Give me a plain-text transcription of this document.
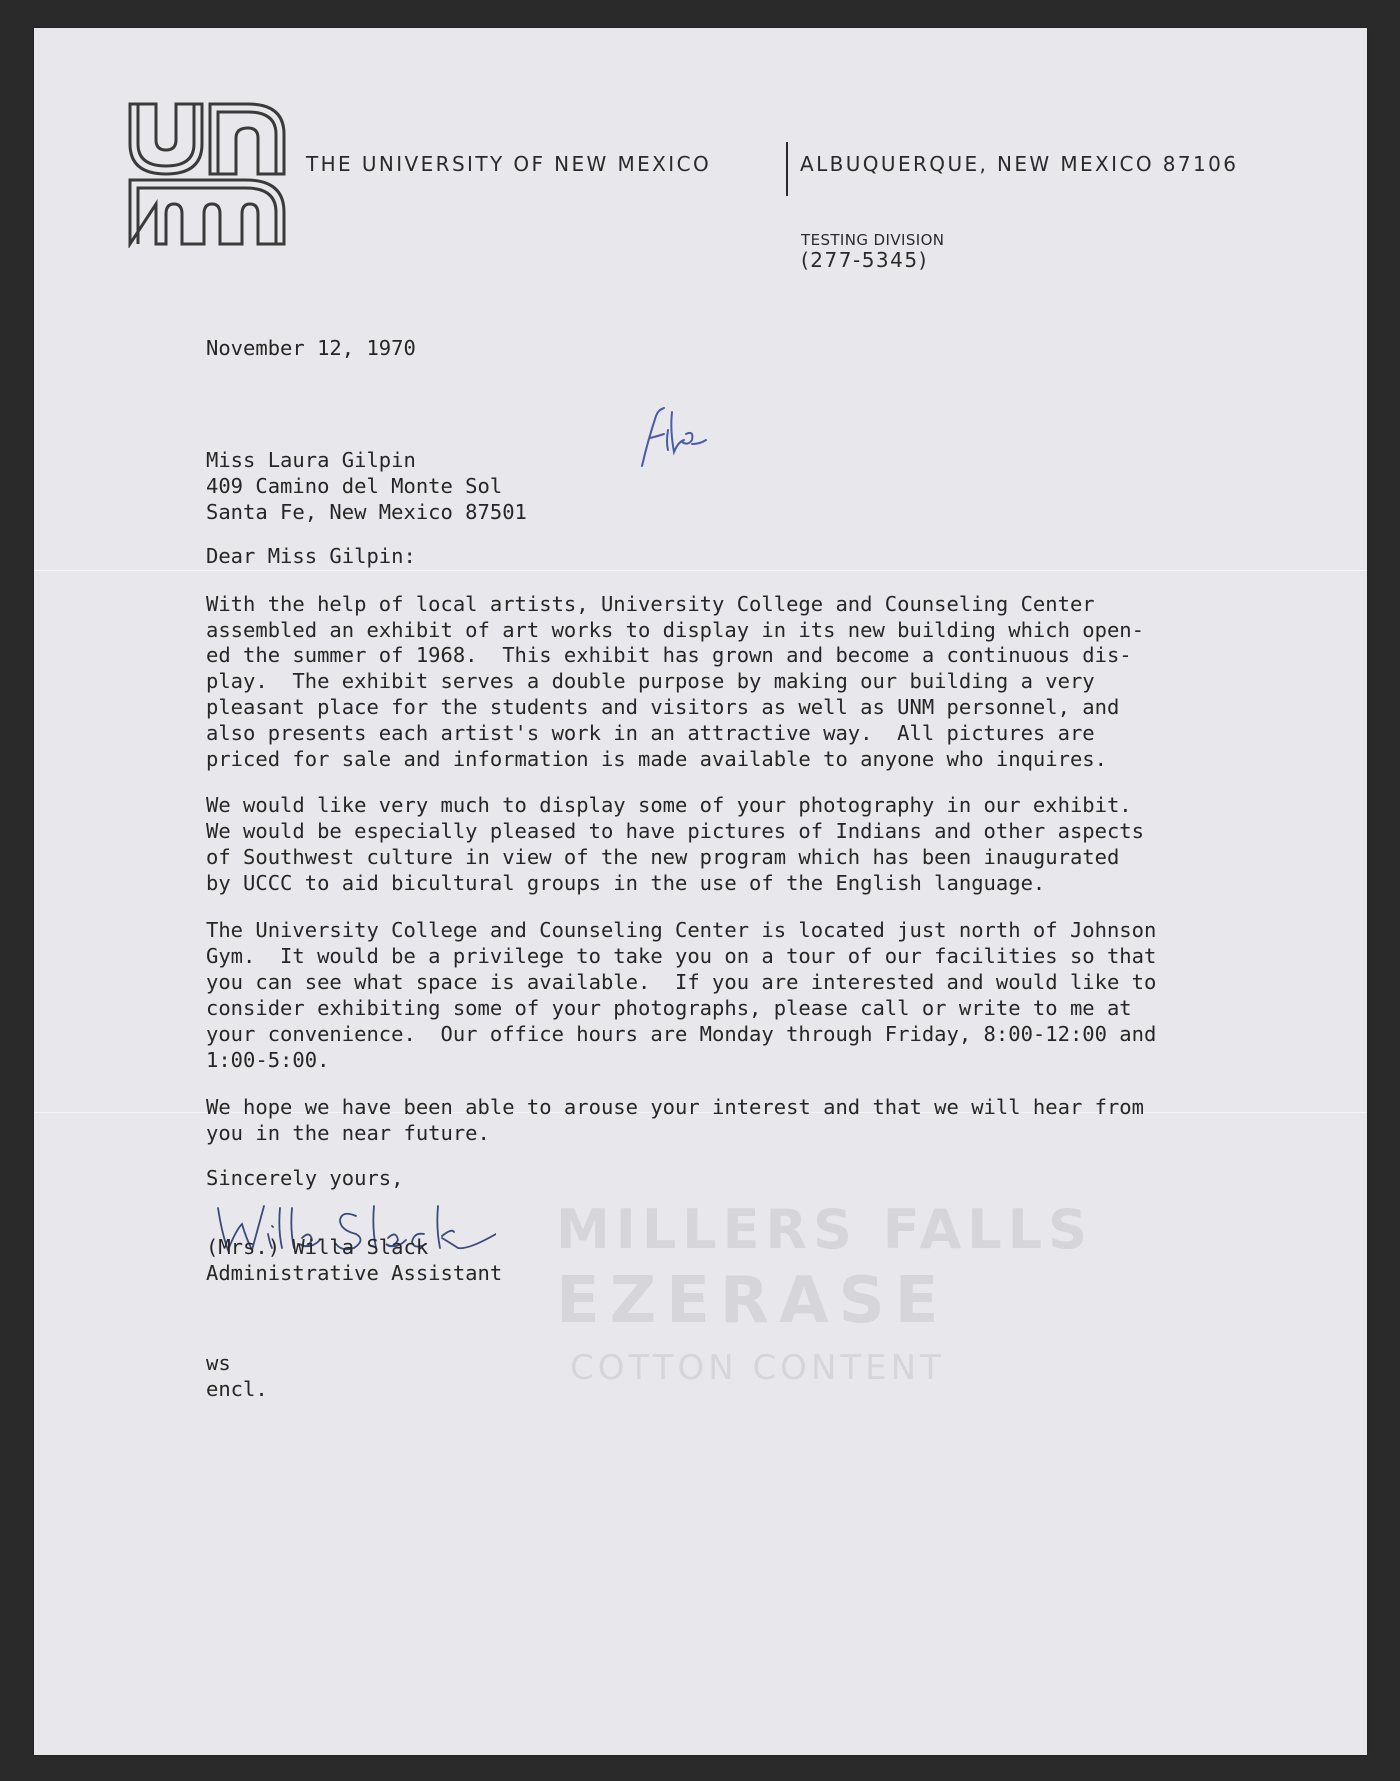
MILLERS FALLS
EZERASE
COTTON CONTENT
THE UNIVERSITY OF NEW MEXICO	ALBUQUERQUE, NEW MEXICO 87106
TESTING DIVISION
(277-5345)
November 12, 1970
Miss Laura Gilpin
409 Camino del Monte Sol
Santa Fe, New Mexico 87501
Dear Miss Gilpin:
With the help of local artists, University College and Counseling Center
assembled an exhibit of art works to display in its new building which open-
ed the summer of 1968.  This exhibit has grown and become a continuous dis-
play.  The exhibit serves a double purpose by making our building a very
pleasant place for the students and visitors as well as UNM personnel, and
also presents each artist's work in an attractive way.  All pictures are
priced for sale and information is made available to anyone who inquires.
We would like very much to display some of your photography in our exhibit.
We would be especially pleased to have pictures of Indians and other aspects
of Southwest culture in view of the new program which has been inaugurated
by UCCC to aid bicultural groups in the use of the English language.
The University College and Counseling Center is located just north of Johnson
Gym.  It would be a privilege to take you on a tour of our facilities so that
you can see what space is available.  If you are interested and would like to
consider exhibiting some of your photographs, please call or write to me at
your convenience.  Our office hours are Monday through Friday, 8:00-12:00 and
1:00-5:00.
We hope we have been able to arouse your interest and that we will hear from
you in the near future.
Sincerely yours,
(Mrs.) Willa Slack
Administrative Assistant
ws
encl.
